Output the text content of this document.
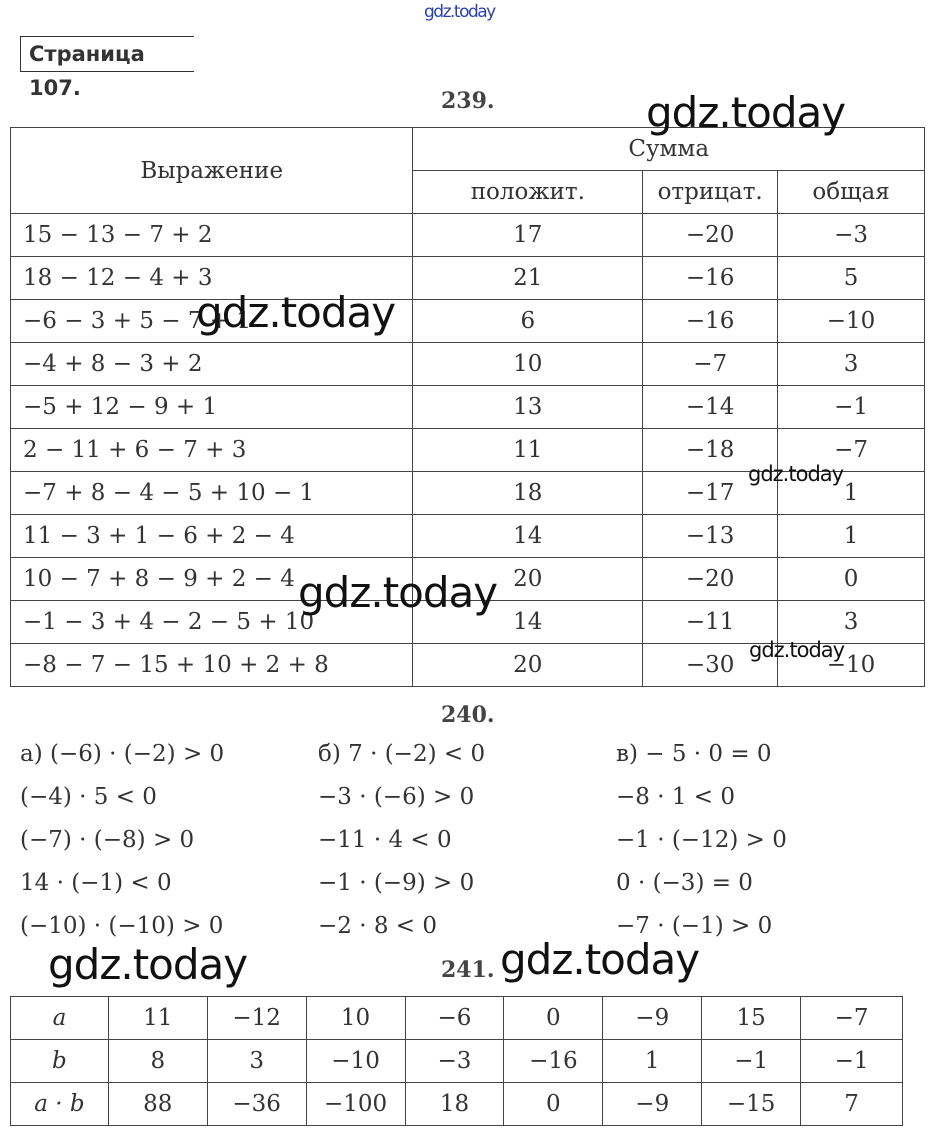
gdz.today
Страница 107.	239.
Выражение	Сумма		
	положит.	отрицат.	общая
15 − 13 − 7 + 2	17	−20	−3
18 − 12 − 4 + 3	21	−16	5
−6 − 3 + 5 − 7 + 1	6	−16	−10
−4 + 8 − 3 + 2	10	−7	3
−5 + 12 − 9 + 1	13	−14	−1
2 − 11 + 6 − 7 + 3	11	−18	−7
−7 + 8 − 4 − 5 + 10 − 1	18	−17	1
11 − 3 + 1 − 6 + 2 − 4	14	−13	1
10 − 7 + 8 − 9 + 2 − 4	20	−20	0
−1 − 3 + 4 − 2 − 5 + 10	14	−11	3
−8 − 7 − 15 + 10 + 2 + 8	20	−30	−10
gdz.today
gdz.today
gdz.today
gdz.today
gdz.today
240.
а) (−6) · (−2) > 0
(−4) · 5 < 0
(−7) · (−8) > 0
14 · (−1) < 0
(−10) · (−10) > 0
б) 7 · (−2) < 0
−3 · (−6) > 0
−11 · 4 < 0
−1 · (−9) > 0
−2 · 8 < 0
в) − 5 · 0 = 0
−8 · 1 < 0
−1 · (−12) > 0
0 · (−3) = 0
−7 · (−1) > 0
gdz.today	gdz.today
241.
a	11	−12	10	−6	0	−9	15	−7
b	8	3	−10	−3	−16	1	−1	−1
a · b	88	−36	−100	18	0	−9	−15	7
